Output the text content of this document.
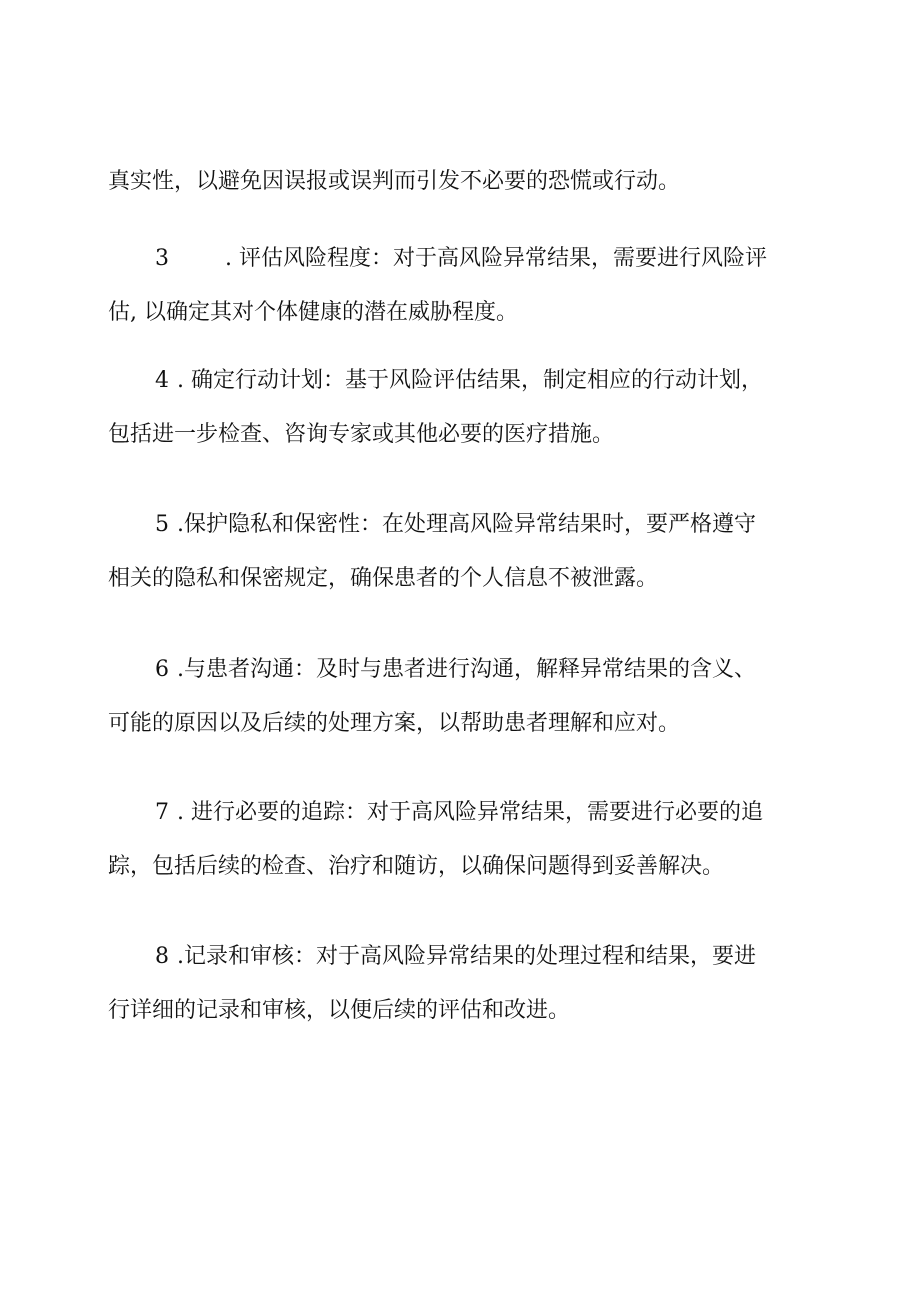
真实性，以避免因误报或误判而引发不必要的恐慌或行动。

3	. 评估风险程度：对于高风险异常结果，需要进行风险评
估, 以确定其对个体健康的潜在威胁程度。

4 . 确定行动计划：基于风险评估结果，制定相应的行动计划，
包括进一步检查、咨询专家或其他必要的医疗措施。

5 .保护隐私和保密性：在处理高风险异常结果时，要严格遵守
相关的隐私和保密规定，确保患者的个人信息不被泄露。

6 .与患者沟通：及时与患者进行沟通，解释异常结果的含义、
可能的原因以及后续的处理方案，以帮助患者理解和应对。

7 . 进行必要的追踪：对于高风险异常结果，需要进行必要的追
踪，包括后续的检查、治疗和随访，以确保问题得到妥善解决。

8 .记录和审核：对于高风险异常结果的处理过程和结果，要进
行详细的记录和审核，以便后续的评估和改进。
